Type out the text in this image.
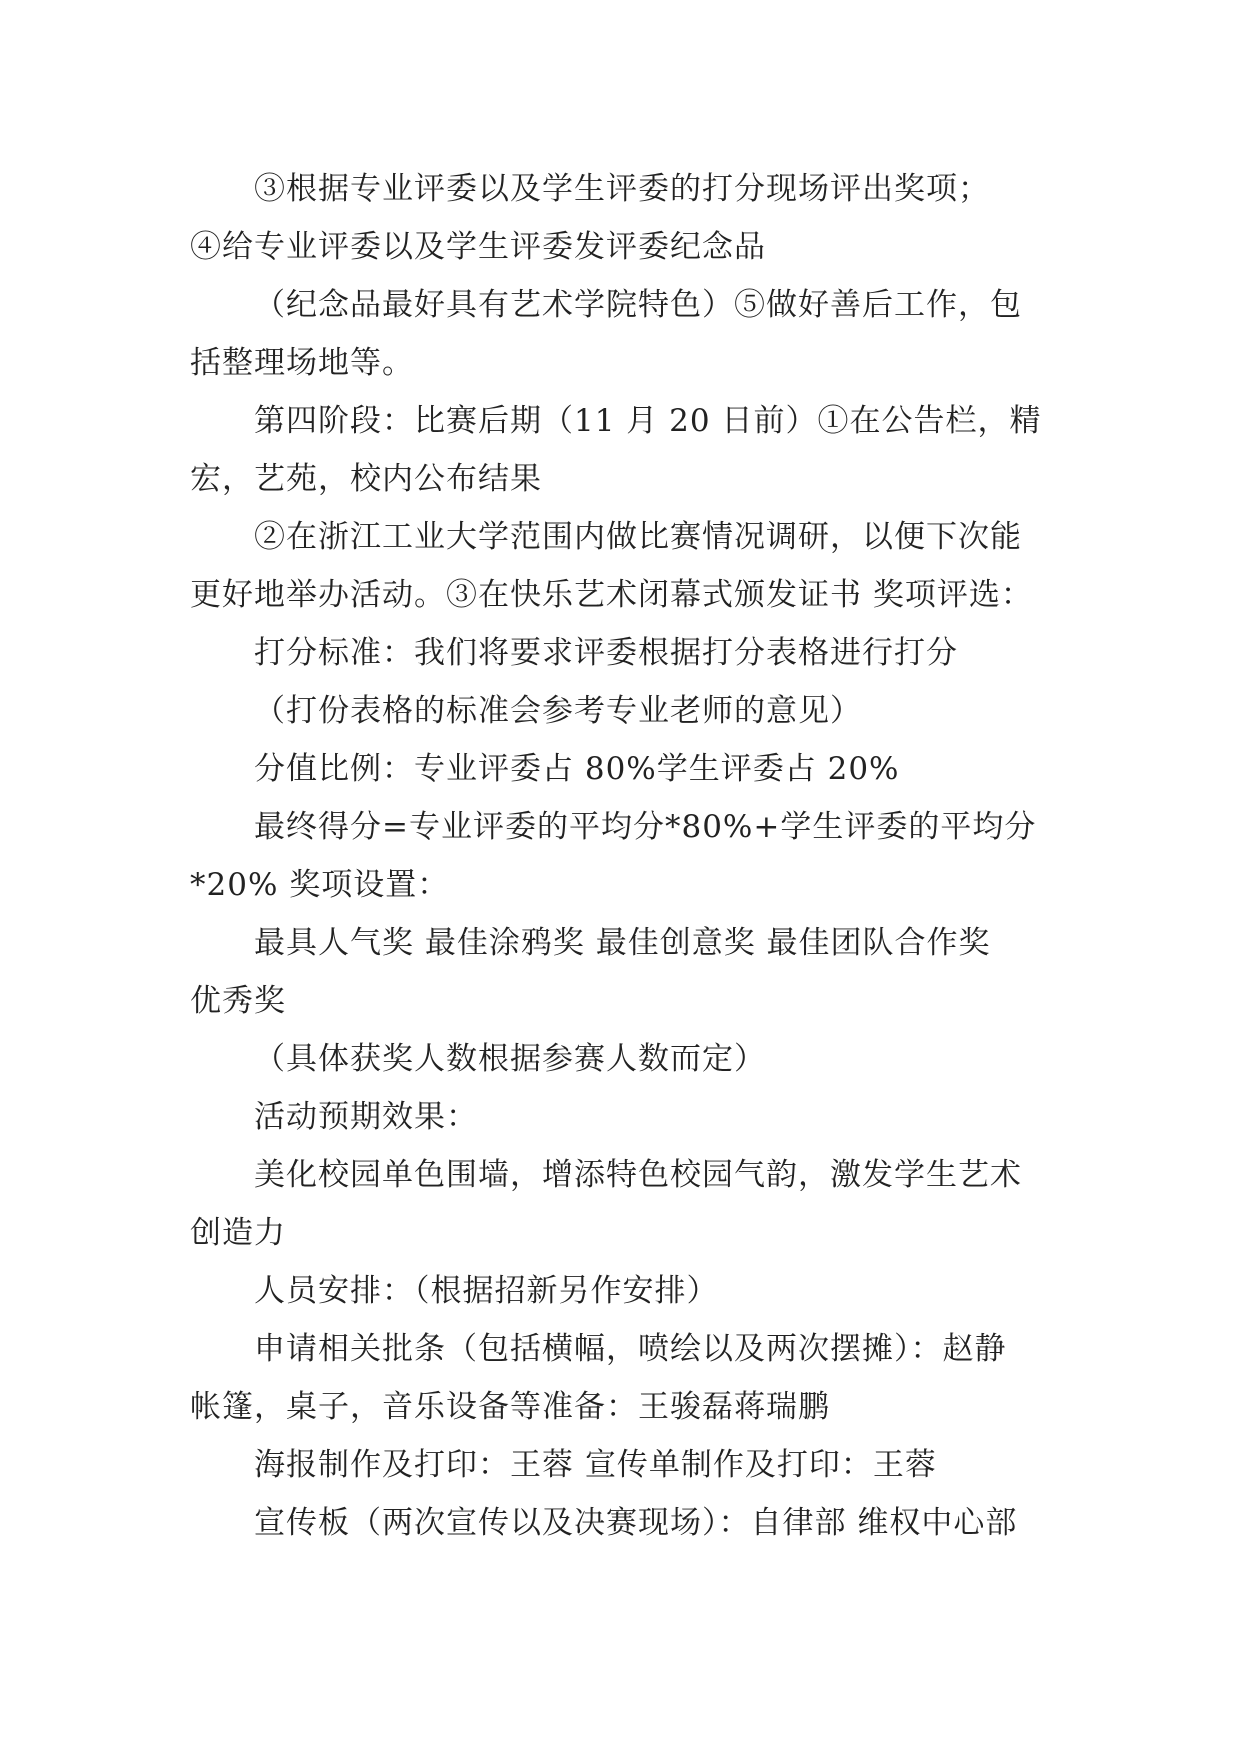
③根据专业评委以及学生评委的打分现场评出奖项；
④给专业评委以及学生评委发评委纪念品
（纪念品最好具有艺术学院特色）⑤做好善后工作，包
括整理场地等。
第四阶段：比赛后期（11 月 20 日前）①在公告栏，精
宏，艺苑，校内公布结果
②在浙江工业大学范围内做比赛情况调研，以便下次能
更好地举办活动。③在快乐艺术闭幕式颁发证书 奖项评选：
打分标准：我们将要求评委根据打分表格进行打分
（打份表格的标准会参考专业老师的意见）
分值比例：专业评委占 80%学生评委占 20%
最终得分=专业评委的平均分*80%+学生评委的平均分
*20% 奖项设置：
最具人气奖 最佳涂鸦奖 最佳创意奖 最佳团队合作奖
优秀奖
（具体获奖人数根据参赛人数而定）
活动预期效果：
美化校园单色围墙，增添特色校园气韵，激发学生艺术
创造力
人员安排：（根据招新另作安排）
申请相关批条（包括横幅，喷绘以及两次摆摊）：赵静
帐篷，桌子，音乐设备等准备：王骏磊蒋瑞鹏
海报制作及打印：王蓉 宣传单制作及打印：王蓉
宣传板（两次宣传以及决赛现场）：自律部 维权中心部
